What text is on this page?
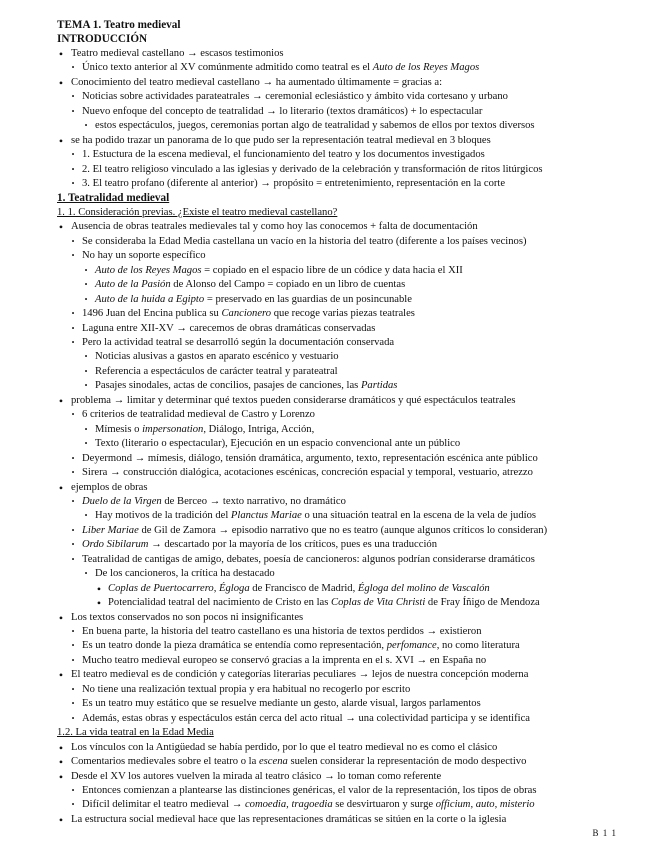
TEMA 1. Teatro medieval
INTRODUCCIÓN
• Teatro medieval castellano → escasos testimonios
• Único texto anterior al XV comúnmente admitido como teatral es el Auto de los Reyes Magos
• Conocimiento del teatro medieval castellano → ha aumentado últimamente = gracias a:
• Noticias sobre actividades parateatrales → ceremonial eclesiástico y ámbito vida cortesano y urbano
• Nuevo enfoque del concepto de teatralidad → lo literario (textos dramáticos) + lo espectacular
• estos espectáculos, juegos, ceremonias portan algo de teatralidad y sabemos de ellos por textos diversos
• se ha podido trazar un panorama de lo que pudo ser la representación teatral medieval en 3 bloques
• 1. Estuctura de la escena medieval, el funcionamiento del teatro y los documentos investigados
• 2. El teatro religioso vinculado a las iglesias y derivado de la celebración y transformación de ritos litúrgicos
• 3. El teatro profano (diferente al anterior) → propósito = entretenimiento, representación en la corte
1. Teatralidad medieval
1. 1. Consideración previas. ¿Existe el teatro medieval castellano?
• Ausencia de obras teatrales medievales tal y como hoy las conocemos + falta de documentación
• Se consideraba la Edad Media castellana un vacío en la historia del teatro (diferente a los países vecinos)
• No hay un soporte específico
• Auto de los Reyes Magos = copiado en el espacio libre de un códice y data hacia el XII
• Auto de la Pasión de Alonso del Campo = copiado en un libro de cuentas
• Auto de la huida a Egipto = preservado en las guardias de un posincunable
• 1496 Juan del Encina publica su Cancionero que recoge varias piezas teatrales
• Laguna entre XII-XV → carecemos de obras dramáticas conservadas
• Pero la actividad teatral se desarrolló según la documentación conservada
• Noticias alusivas a gastos en aparato escénico y vestuario
• Referencia a espectáculos de carácter teatral y parateatral
• Pasajes sinodales, actas de concilios, pasajes de canciones, las Partidas
• problema → limitar y determinar qué textos pueden considerarse dramáticos y qué espectáculos teatrales
• 6 criterios de teatralidad medieval de Castro y Lorenzo
• Mímesis o impersonation, Diálogo, Intriga, Acción,
• Texto (literario o espectacular), Ejecución en un espacio convencional ante un público
• Deyermond → mímesis, diálogo, tensión dramática, argumento, texto, representación escénica ante público
• Sirera → construcción dialógica, acotaciones escénicas, concreción espacial y temporal, vestuario, atrezzo
• ejemplos de obras
• Duelo de la Virgen de Berceo → texto narrativo, no dramático
• Hay motivos de la tradición del Planctus Mariae o una situación teatral en la escena de la vela de judíos
• Liber Mariae de Gil de Zamora → episodio narrativo que no es teatro (aunque algunos críticos lo consideran)
• Ordo Sibilarum → descartado por la mayoría de los críticos, pues es una traducción
• Teatralidad de cantigas de amigo, debates, poesía de cancioneros: algunos podrían considerarse dramáticos
• De los cancioneros, la crítica ha destacado
• Coplas de Puertocarrero, Égloga de Francisco de Madrid, Égloga del molino de Vascalón
• Potencialidad teatral del nacimiento de Cristo en las Coplas de Vita Christi de Fray Íñigo de Mendoza
• Los textos conservados no son pocos ni insignificantes
• En buena parte, la historia del teatro castellano es una historia de textos perdidos → existieron
• Es un teatro donde la pieza dramática se entendía como representación, perfomance, no como literatura
• Mucho teatro medieval europeo se conservó gracias a la imprenta en el s. XVI → en España no
• El teatro medieval es de condición y categorías literarias peculiares → lejos de nuestra concepción moderna
• No tiene una realización textual propia y era habitual no recogerlo por escrito
• Es un teatro muy estático que se resuelve mediante un gesto, alarde visual, largos parlamentos
• Además, estas obras y espectáculos están cerca del acto ritual → una colectividad participa y se identifica
1.2. La vida teatral en la Edad Media
• Los vínculos con la Antigüedad se había perdido, por lo que el teatro medieval no es como el clásico
• Comentarios medievales sobre el teatro o la escena suelen considerar la representación de modo despectivo
• Desde el XV los autores vuelven la mirada al teatro clásico → lo toman como referente
• Entonces comienzan a plantearse las distinciones genéricas, el valor de la representación, los tipos de obras
• Difícil delimitar el teatro medieval → comoedia, tragoedia se desvirtuaron y surge officium, auto, misterio
• La estructura social medieval hace que las representaciones dramáticas se sitúen en la corte o la iglesia
B 1 1
